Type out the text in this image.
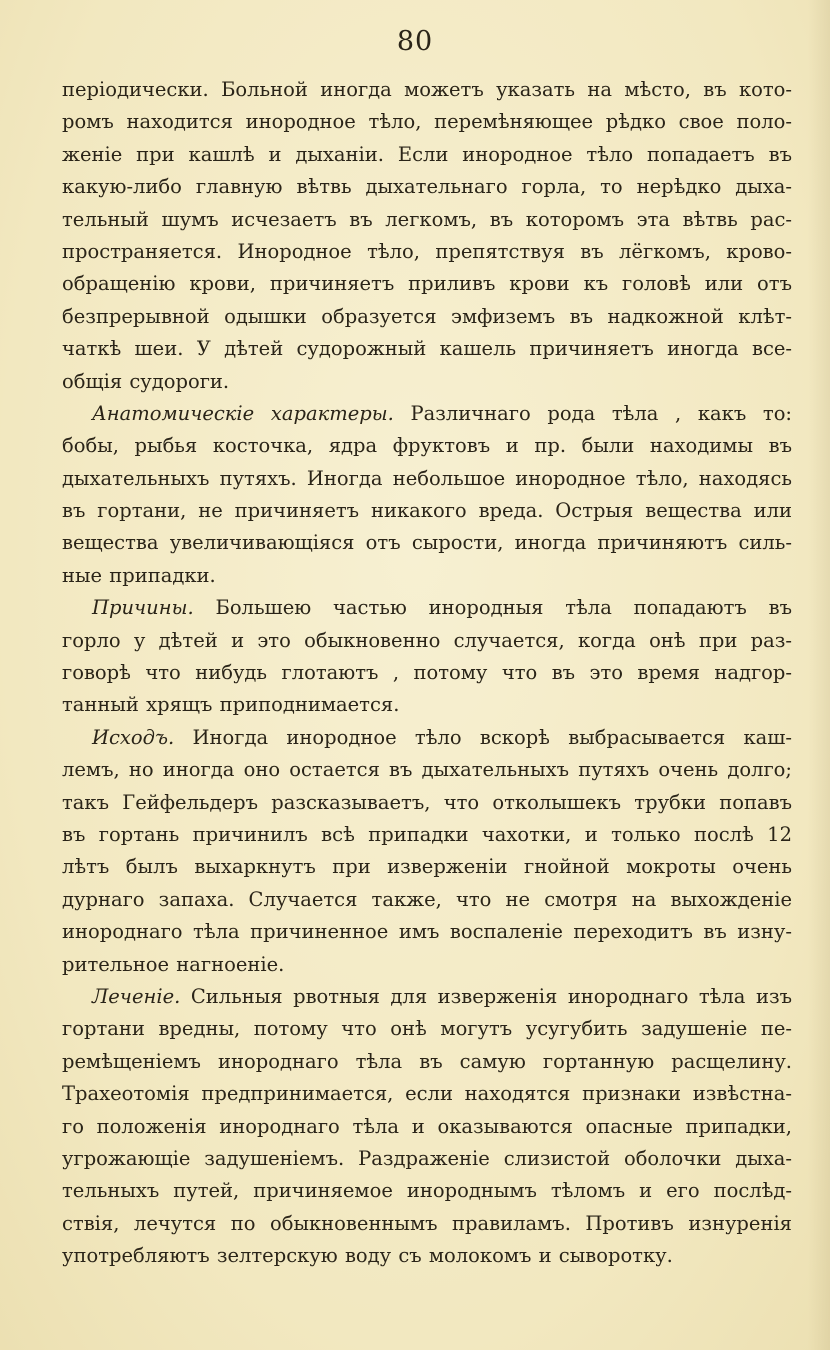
80
періодически. Больной иногда можетъ указать на мѣсто, въ кото-
ромъ находится инородное тѣло, перемѣняющее рѣдко свое поло-
женіе при кашлѣ и дыханіи. Если инородное тѣло попадаетъ въ
какую-либо главную вѣтвь дыхательнаго горла, то нерѣдко дыха-
тельный шумъ исчезаетъ въ легкомъ, въ которомъ эта вѣтвь рас-
пространяется. Инородное тѣло, препятствуя въ лёгкомъ, крово-
обращенію крови, причиняетъ приливъ крови къ головѣ или отъ
безпрерывной одышки образуется эмфиземъ въ надкожной клѣт-
чаткѣ шеи. У дѣтей судорожный кашель причиняетъ иногда все-
общія судороги.
Анатомическіе характеры. Различнаго рода тѣла , какъ то:
бобы, рыбья косточка, ядра фруктовъ и пр. были находимы въ
дыхательныхъ путяхъ. Иногда небольшое инородное тѣло, находясь
въ гортани, не причиняетъ никакого вреда. Острыя вещества или
вещества увеличивающіяся отъ сырости, иногда причиняютъ силь-
ные припадки.
Причины. Большею частью инородныя тѣла попадаютъ въ
горло у дѣтей и это обыкновенно случается, когда онѣ при раз-
говорѣ что нибудь глотаютъ , потому что въ это время надгор-
танный хрящъ приподнимается.
Исходъ. Иногда инородное тѣло вскорѣ выбрасывается каш-
лемъ, но иногда оно остается въ дыхательныхъ путяхъ очень долго;
такъ Гейфельдеръ разсказываетъ, что отколышекъ трубки попавъ
въ гортань причинилъ всѣ припадки чахотки, и только послѣ 12
лѣтъ былъ выхаркнутъ при изверженіи гнойной мокроты очень
дурнаго запаха. Случается также, что не смотря на выхожденіе
инороднаго тѣла причиненное имъ воспаленіе переходитъ въ изну-
рительное нагноеніе.
Леченіе. Сильныя рвотныя для изверженія инороднаго тѣла изъ
гортани вредны, потому что онѣ могутъ усугубить задушеніе пе-
ремѣщеніемъ инороднаго тѣла въ самую гортанную расщелину.
Трахеотомія предпринимается, если находятся признаки извѣстна-
го положенія инороднаго тѣла и оказываются опасные припадки,
угрожающіе задушеніемъ. Раздраженіе слизистой оболочки дыха-
тельныхъ путей, причиняемое инороднымъ тѣломъ и его послѣд-
ствія, лечутся по обыкновеннымъ правиламъ. Противъ изнуренія
употребляютъ зелтерскую воду съ молокомъ и сыворотку.
